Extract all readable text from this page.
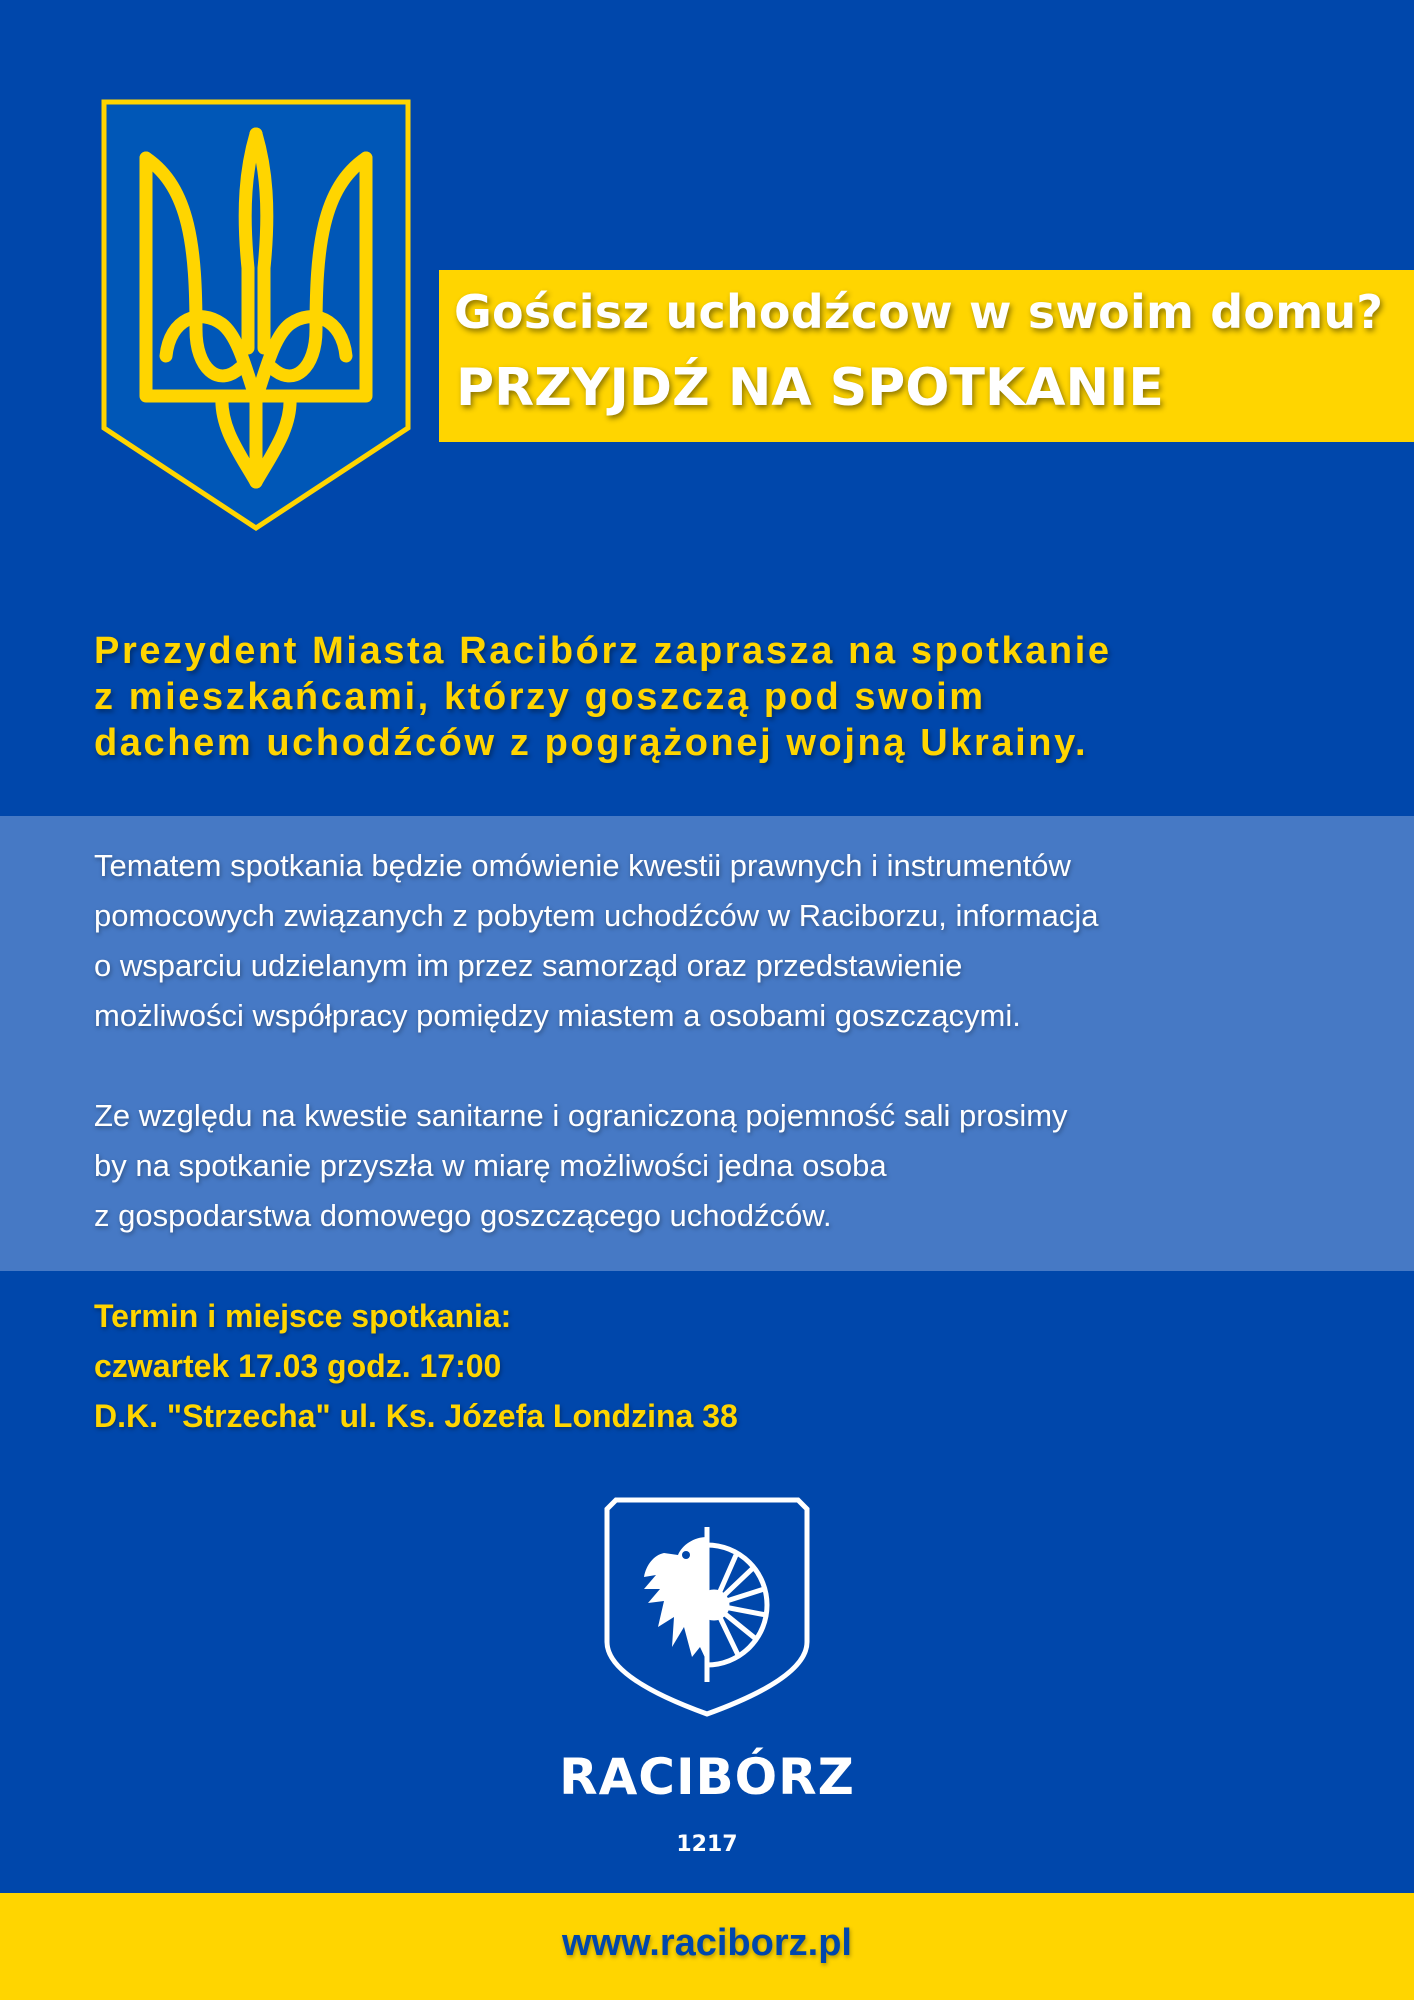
Gościsz uchodźcow w swoim domu?
PRZYJDŹ NA SPOTKANIE
Prezydent Miasta Racibórz zaprasza na spotkanie
z mieszkańcami, którzy goszczą pod swoim
dachem uchodźców z pogrążonej wojną Ukrainy.
Tematem spotkania będzie omówienie kwestii prawnych i instrumentów
pomocowych związanych z pobytem uchodźców w Raciborzu, informacja
o wsparciu udzielanym im przez samorząd oraz przedstawienie
możliwości współpracy pomiędzy miastem a osobami goszczącymi.
Ze względu na kwestie sanitarne i ograniczoną pojemność sali prosimy
by na spotkanie przyszła w miarę możliwości jedna osoba
z gospodarstwa domowego goszczącego uchodźców.
Termin i miejsce spotkania:
czwartek 17.03 godz. 17:00
D.K. "Strzecha" ul. Ks. Józefa Londzina 38
RACIBÓRZ
1217
www.raciborz.pl
